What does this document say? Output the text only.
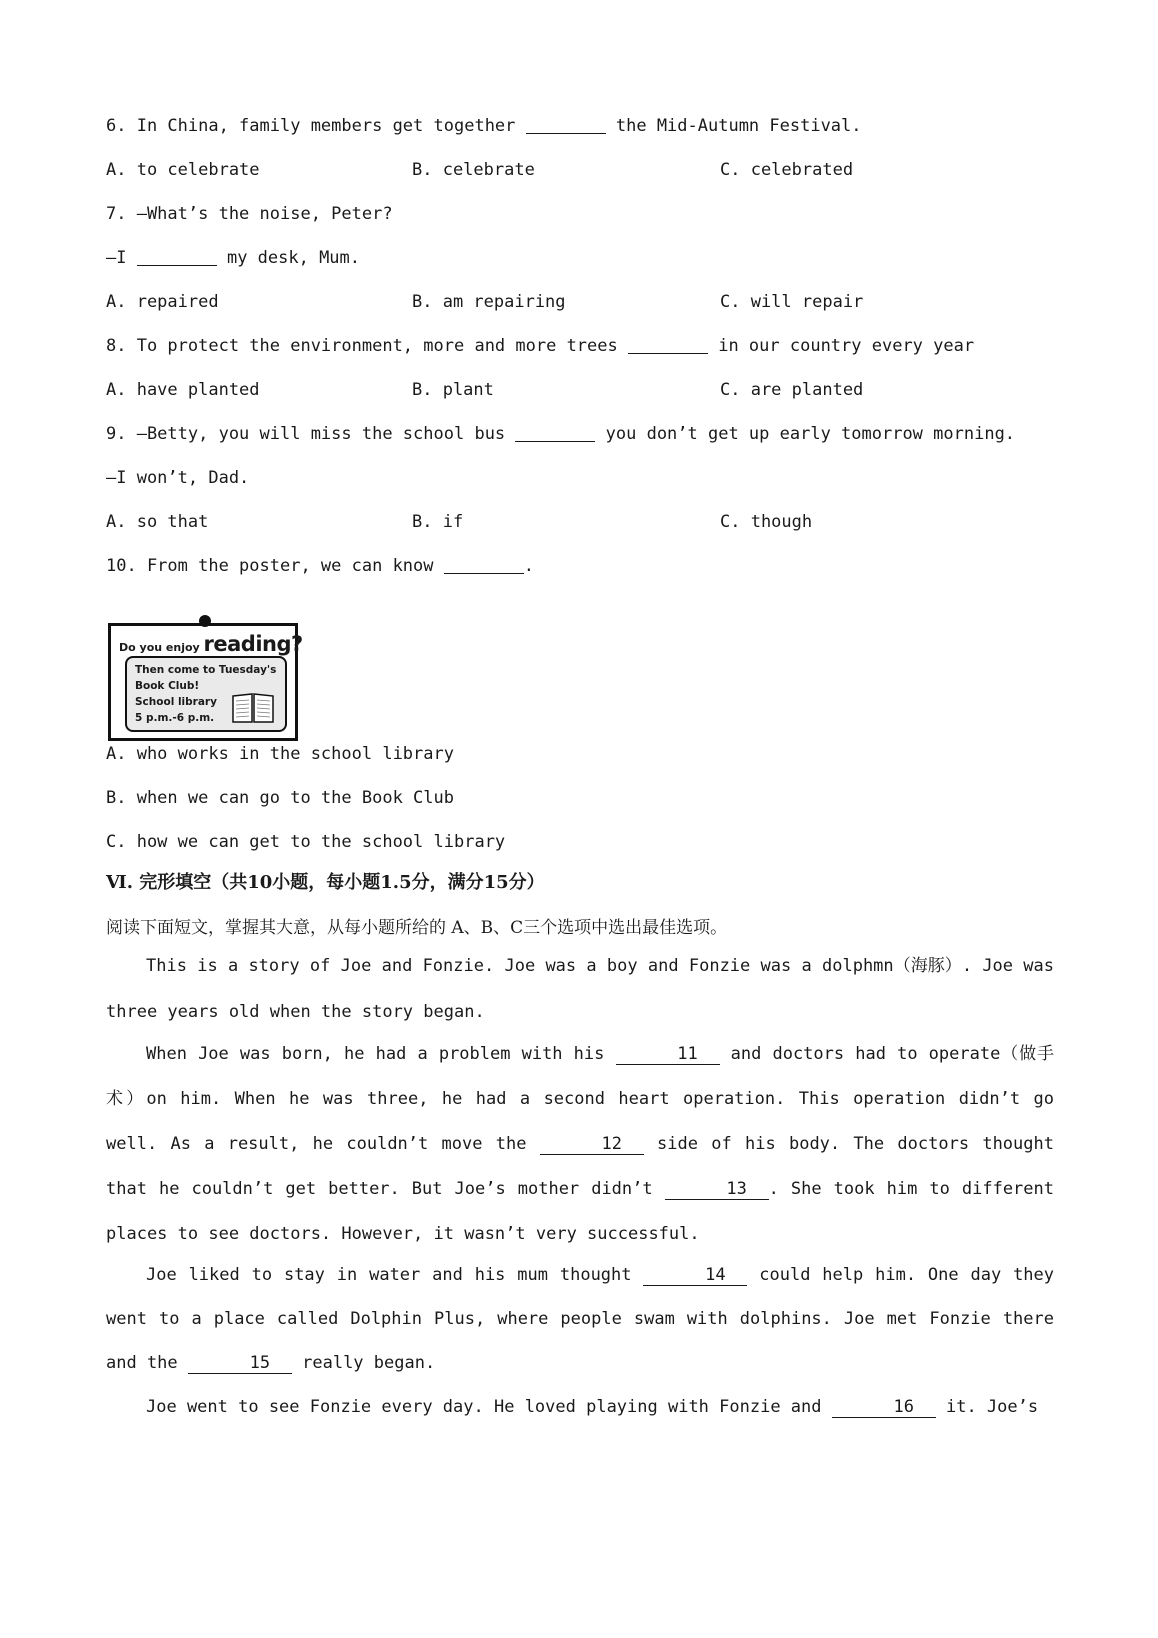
6. In China, family members get together	the Mid-Autumn Festival.
A. to celebrate	B. celebrate	C. celebrated
7. —What’s the noise, Peter?
—I	my desk, Mum.
A. repaired	B. am repairing	C. will repair
8. To protect the environment, more and more trees	in our country every year
A. have planted	B. plant	C. are planted
9. —Betty, you will miss the school bus	you don’t get up early tomorrow morning.
—I won’t, Dad.
A. so that	B. if	C. though
10. From the poster, we can know	.
Do you enjoy reading?
Then come to Tuesday's
Book Club!
School library
5 p.m.-6 p.m.
A. who works in the school library
B. when we can go to the Book Club
C. how we can get to the school library
Ⅵ. 完形填空（共10小题，每小题1.5分，满分15分）
阅读下面短文，掌握其大意，从每小题所给的 A、B、C三个选项中选出最佳选项。
This is a story of Joe and Fonzie. Joe was a boy and Fonzie was a dolphmn（海豚）. Joe was three years old when the story began.
When Joe was born, he had a problem with his	11 and doctors had to operate（做手术）on him. When he was three, he had a second heart operation. This operation didn’t go well. As a result, he couldn’t move the	12 side of his body. The doctors thought that he couldn’t get better. But Joe’s mother didn’t	13 . She took him to different places to see doctors. However, it wasn’t very successful.
Joe liked to stay in water and his mum thought	14 could help him. One day they went to a place called Dolphin Plus, where people swam with dolphins. Joe met Fonzie there and the	15 really began.
Joe went to see Fonzie every day. He loved playing with Fonzie and	16 it. Joe’s
